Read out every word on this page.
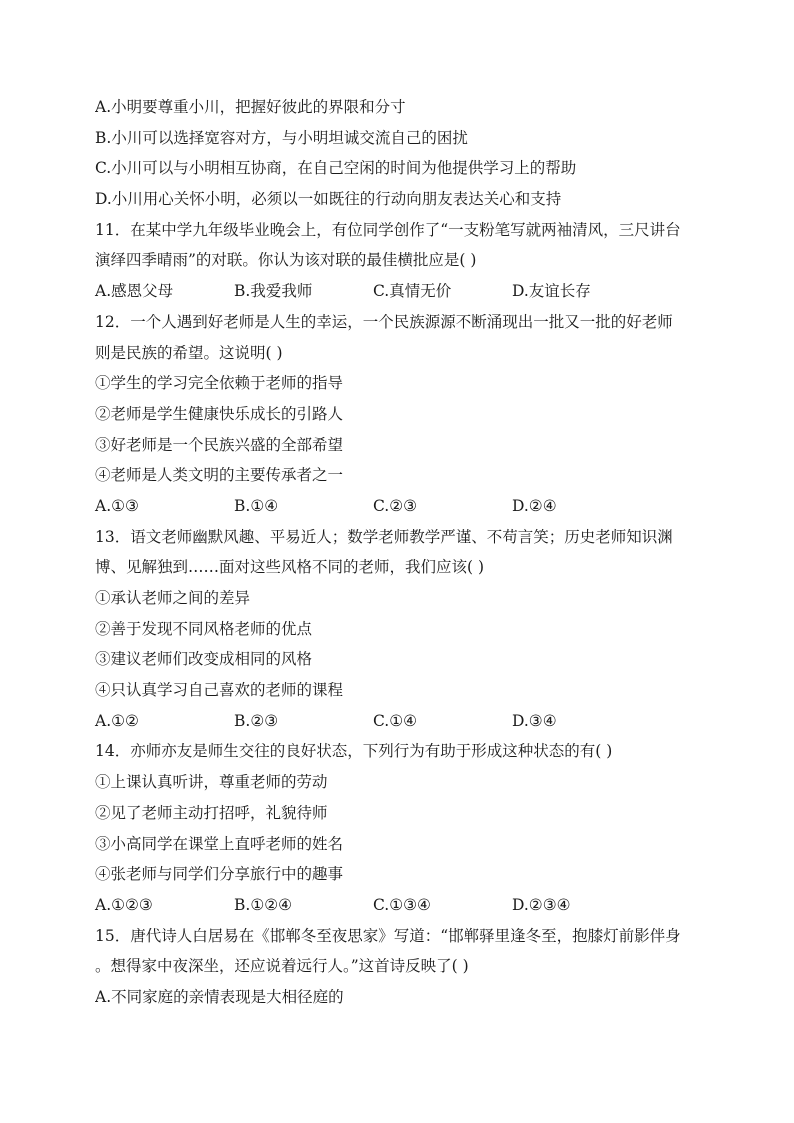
A.小明要尊重小川，把握好彼此的界限和分寸
B.小川可以选择宽容对方，与小明坦诚交流自己的困扰
C.小川可以与小明相互协商，在自己空闲的时间为他提供学习上的帮助
D.小川用心关怀小明，必须以一如既往的行动向朋友表达关心和支持
11．在某中学九年级毕业晚会上，有位同学创作了“一支粉笔写就两袖清风，三尺讲台
演绎四季晴雨”的对联。你认为该对联的最佳横批应是( )
A.感恩父母	B.我爱我师	C.真情无价	D.友谊长存
12．一个人遇到好老师是人生的幸运，一个民族源源不断涌现出一批又一批的好老师
则是民族的希望。这说明( )
①学生的学习完全依赖于老师的指导
②老师是学生健康快乐成长的引路人
③好老师是一个民族兴盛的全部希望
④老师是人类文明的主要传承者之一
A.①③	B.①④	C.②③	D.②④
13．语文老师幽默风趣、平易近人；数学老师教学严谨、不苟言笑；历史老师知识渊
博、见解独到……面对这些风格不同的老师，我们应该( )
①承认老师之间的差异
②善于发现不同风格老师的优点
③建议老师们改变成相同的风格
④只认真学习自己喜欢的老师的课程
A.①②	B.②③	C.①④	D.③④
14．亦师亦友是师生交往的良好状态，下列行为有助于形成这种状态的有( )
①上课认真听讲，尊重老师的劳动
②见了老师主动打招呼，礼貌待师
③小高同学在课堂上直呼老师的姓名
④张老师与同学们分享旅行中的趣事
A.①②③	B.①②④	C.①③④	D.②③④
15．唐代诗人白居易在《邯郸冬至夜思家》写道：“邯郸驿里逢冬至，抱膝灯前影伴身
。想得家中夜深坐，还应说着远行人。”这首诗反映了( )
A.不同家庭的亲情表现是大相径庭的
